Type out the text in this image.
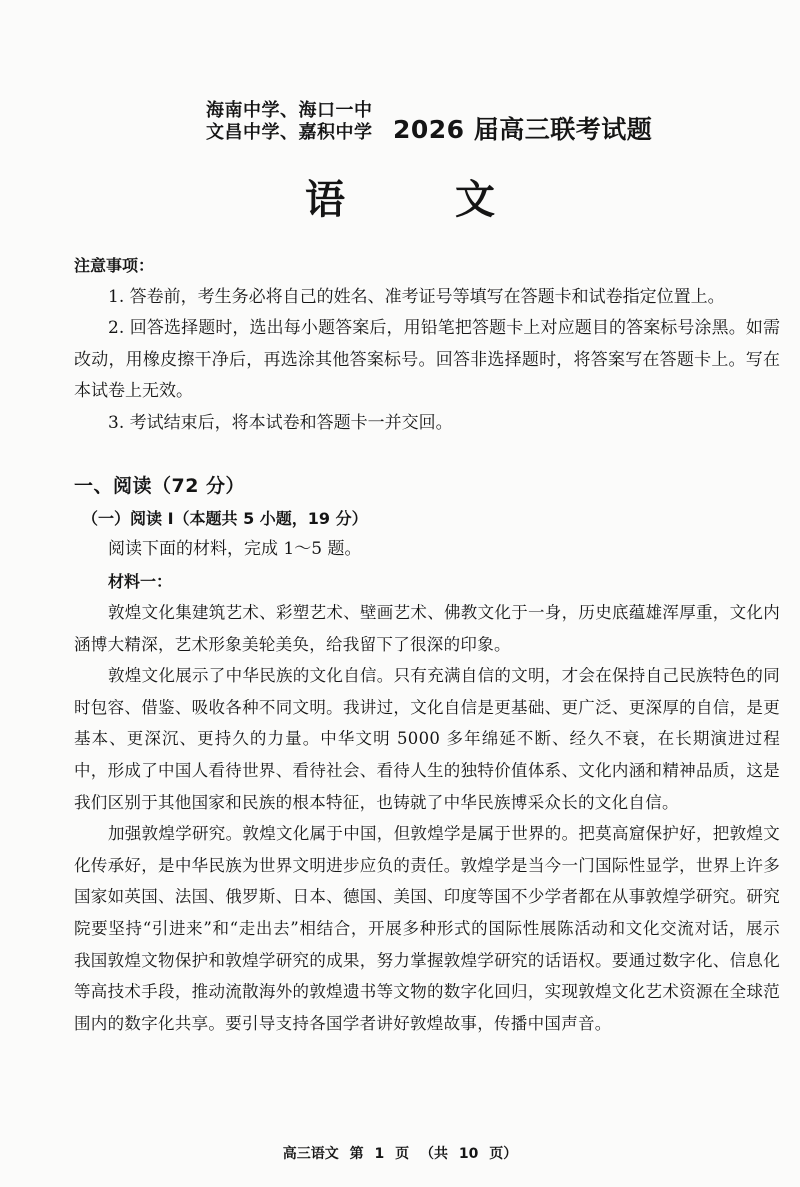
海南中学、海口一中
文昌中学、嘉积中学 2026 届高三联考试题
语 文

注意事项：

1. 答卷前，考生务必将自己的姓名、准考证号等填写在答题卡和试卷指定位置上。

2. 回答选择题时，选出每小题答案后，用铅笔把答题卡上对应题目的答案标号涂黑。如需改动，用橡皮擦干净后，再选涂其他答案标号。回答非选择题时，将答案写在答题卡上。写在本试卷上无效。

3. 考试结束后，将本试卷和答题卡一并交回。

一、阅读（72 分）

（一）阅读 I（本题共 5 小题，19 分）

阅读下面的材料，完成 1～5 题。

材料一：

敦煌文化集建筑艺术、彩塑艺术、壁画艺术、佛教文化于一身，历史底蕴雄浑厚重，文化内涵博大精深，艺术形象美轮美奂，给我留下了很深的印象。

敦煌文化展示了中华民族的文化自信。只有充满自信的文明，才会在保持自己民族特色的同时包容、借鉴、吸收各种不同文明。我讲过，文化自信是更基础、更广泛、更深厚的自信，是更基本、更深沉、更持久的力量。中华文明 5000 多年绵延不断、经久不衰，在长期演进过程中，形成了中国人看待世界、看待社会、看待人生的独特价值体系、文化内涵和精神品质，这是我们区别于其他国家和民族的根本特征，也铸就了中华民族博采众长的文化自信。

加强敦煌学研究。敦煌文化属于中国，但敦煌学是属于世界的。把莫高窟保护好，把敦煌文化传承好，是中华民族为世界文明进步应负的责任。敦煌学是当今一门国际性显学，世界上许多国家如英国、法国、俄罗斯、日本、德国、美国、印度等国不少学者都在从事敦煌学研究。研究院要坚持“引进来”和“走出去”相结合，开展多种形式的国际性展陈活动和文化交流对话，展示我国敦煌文物保护和敦煌学研究的成果，努力掌握敦煌学研究的话语权。要通过数字化、信息化等高技术手段，推动流散海外的敦煌遗书等文物的数字化回归，实现敦煌文化艺术资源在全球范围内的数字化共享。要引导支持各国学者讲好敦煌故事，传播中国声音。

高三语文 第 1 页 （共 10 页）
